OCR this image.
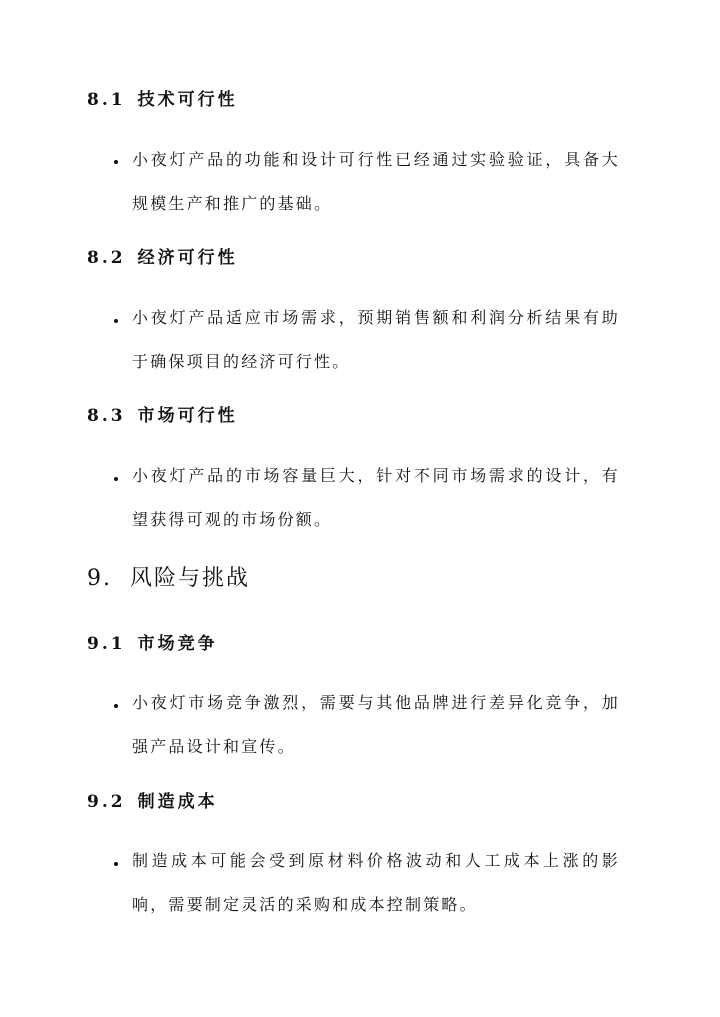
8.1 技术可行性
小夜灯产品的功能和设计可行性已经通过实验验证，具备大规模生产和推广的基础。
8.2 经济可行性
小夜灯产品适应市场需求，预期销售额和利润分析结果有助于确保项目的经济可行性。
8.3 市场可行性
小夜灯产品的市场容量巨大，针对不同市场需求的设计，有望获得可观的市场份额。
9. 风险与挑战
9.1 市场竞争
小夜灯市场竞争激烈，需要与其他品牌进行差异化竞争，加强产品设计和宣传。
9.2 制造成本
制造成本可能会受到原材料价格波动和人工成本上涨的影响，需要制定灵活的采购和成本控制策略。
